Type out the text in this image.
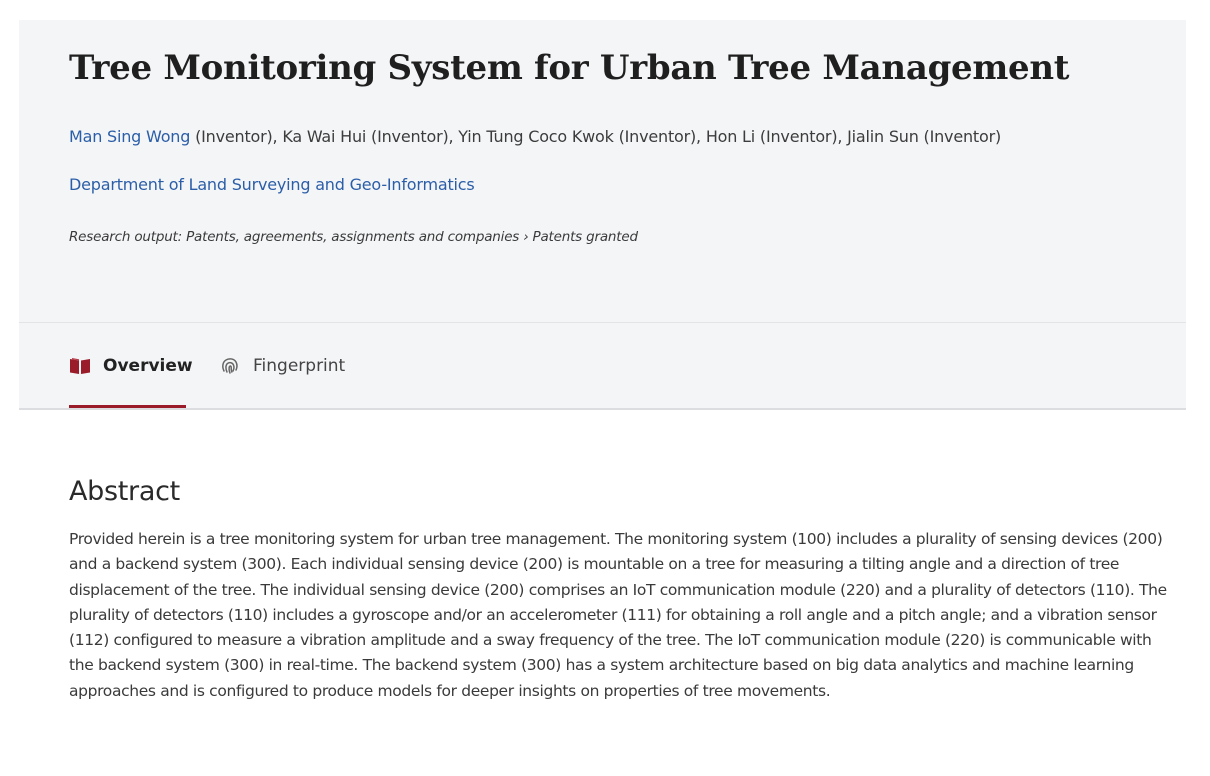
Tree Monitoring System for Urban Tree Management
Man Sing Wong (Inventor), Ka Wai Hui (Inventor), Yin Tung Coco Kwok (Inventor), Hon Li (Inventor), Jialin Sun (Inventor)
Department of Land Surveying and Geo-Informatics
Research output: Patents, agreements, assignments and companies › Patents granted
Overview	Fingerprint
Abstract

Provided herein is a tree monitoring system for urban tree management. The monitoring system (100) includes a plurality of sensing devices (200) and a backend system (300). Each individual sensing device (200) is mountable on a tree for measuring a tilting angle and a direction of tree displacement of the tree. The individual sensing device (200) comprises an IoT communication module (220) and a plurality of detectors (110). The plurality of detectors (110) includes a gyroscope and/or an accelerometer (111) for obtaining a roll angle and a pitch angle; and a vibration sensor (112) configured to measure a vibration amplitude and a sway frequency of the tree. The IoT communication module (220) is communicable with the backend system (300) in real-time. The backend system (300) has a system architecture based on big data analytics and machine learning approaches and is configured to produce models for deeper insights on properties of tree movements.
